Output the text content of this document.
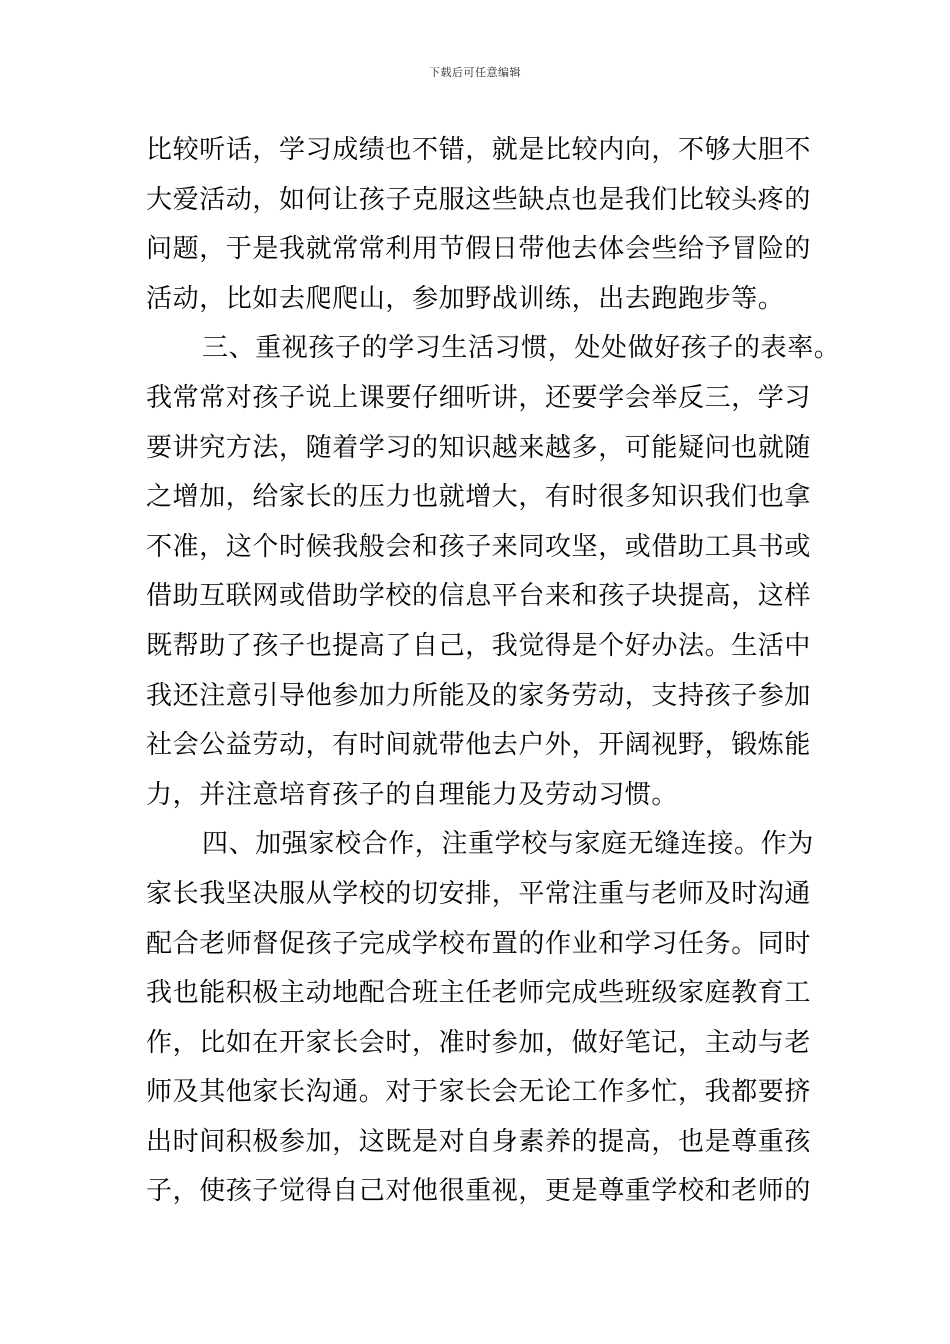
下载后可任意编辑
比较听话，学习成绩也不错，就是比较内向，不够大胆不
大爱活动，如何让孩子克服这些缺点也是我们比较头疼的
问题，于是我就常常利用节假日带他去体会些给予冒险的
活动，比如去爬爬山，参加野战训练，出去跑跑步等。
三、重视孩子的学习生活习惯，处处做好孩子的表率。
我常常对孩子说上课要仔细听讲，还要学会举反三，学习
要讲究方法，随着学习的知识越来越多，可能疑问也就随
之增加，给家长的压力也就增大，有时很多知识我们也拿
不准，这个时候我般会和孩子来同攻坚，或借助工具书或
借助互联网或借助学校的信息平台来和孩子块提高，这样
既帮助了孩子也提高了自己，我觉得是个好办法。生活中
我还注意引导他参加力所能及的家务劳动，支持孩子参加
社会公益劳动，有时间就带他去户外，开阔视野，锻炼能
力，并注意培育孩子的自理能力及劳动习惯。
四、加强家校合作，注重学校与家庭无缝连接。作为
家长我坚决服从学校的切安排，平常注重与老师及时沟通
配合老师督促孩子完成学校布置的作业和学习任务。同时
我也能积极主动地配合班主任老师完成些班级家庭教育工
作，比如在开家长会时，准时参加，做好笔记，主动与老
师及其他家长沟通。对于家长会无论工作多忙，我都要挤
出时间积极参加，这既是对自身素养的提高，也是尊重孩
子，使孩子觉得自己对他很重视，更是尊重学校和老师的
